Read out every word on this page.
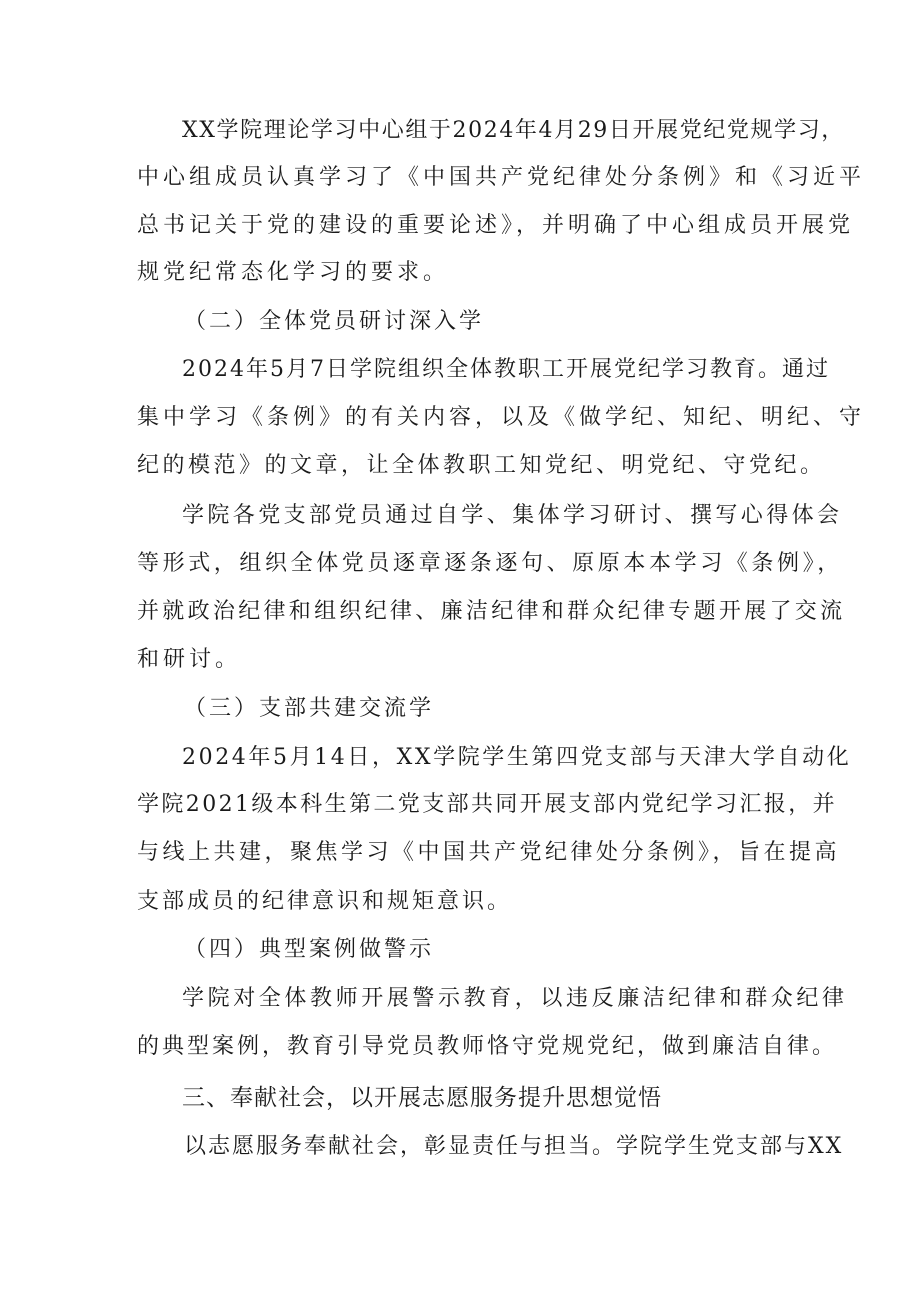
XX学院理论学习中心组于2024年4月29日开展党纪党规学习，
中心组成员认真学习了《中国共产党纪律处分条例》和《习近平
总书记关于党的建设的重要论述》，并明确了中心组成员开展党
规党纪常态化学习的要求。
（二）全体党员研讨深入学
2024年5月7日学院组织全体教职工开展党纪学习教育。通过
集中学习《条例》的有关内容，以及《做学纪、知纪、明纪、守
纪的模范》的文章，让全体教职工知党纪、明党纪、守党纪。
学院各党支部党员通过自学、集体学习研讨、撰写心得体会
等形式，组织全体党员逐章逐条逐句、原原本本学习《条例》，
并就政治纪律和组织纪律、廉洁纪律和群众纪律专题开展了交流
和研讨。
（三）支部共建交流学
2024年5月14日，XX学院学生第四党支部与天津大学自动化
学院2021级本科生第二党支部共同开展支部内党纪学习汇报，并
与线上共建，聚焦学习《中国共产党纪律处分条例》，旨在提高
支部成员的纪律意识和规矩意识。
（四）典型案例做警示
学院对全体教师开展警示教育，以违反廉洁纪律和群众纪律
的典型案例，教育引导党员教师恪守党规党纪，做到廉洁自律。
三、奉献社会，以开展志愿服务提升思想觉悟
以志愿服务奉献社会，彰显责任与担当。学院学生党支部与XX
